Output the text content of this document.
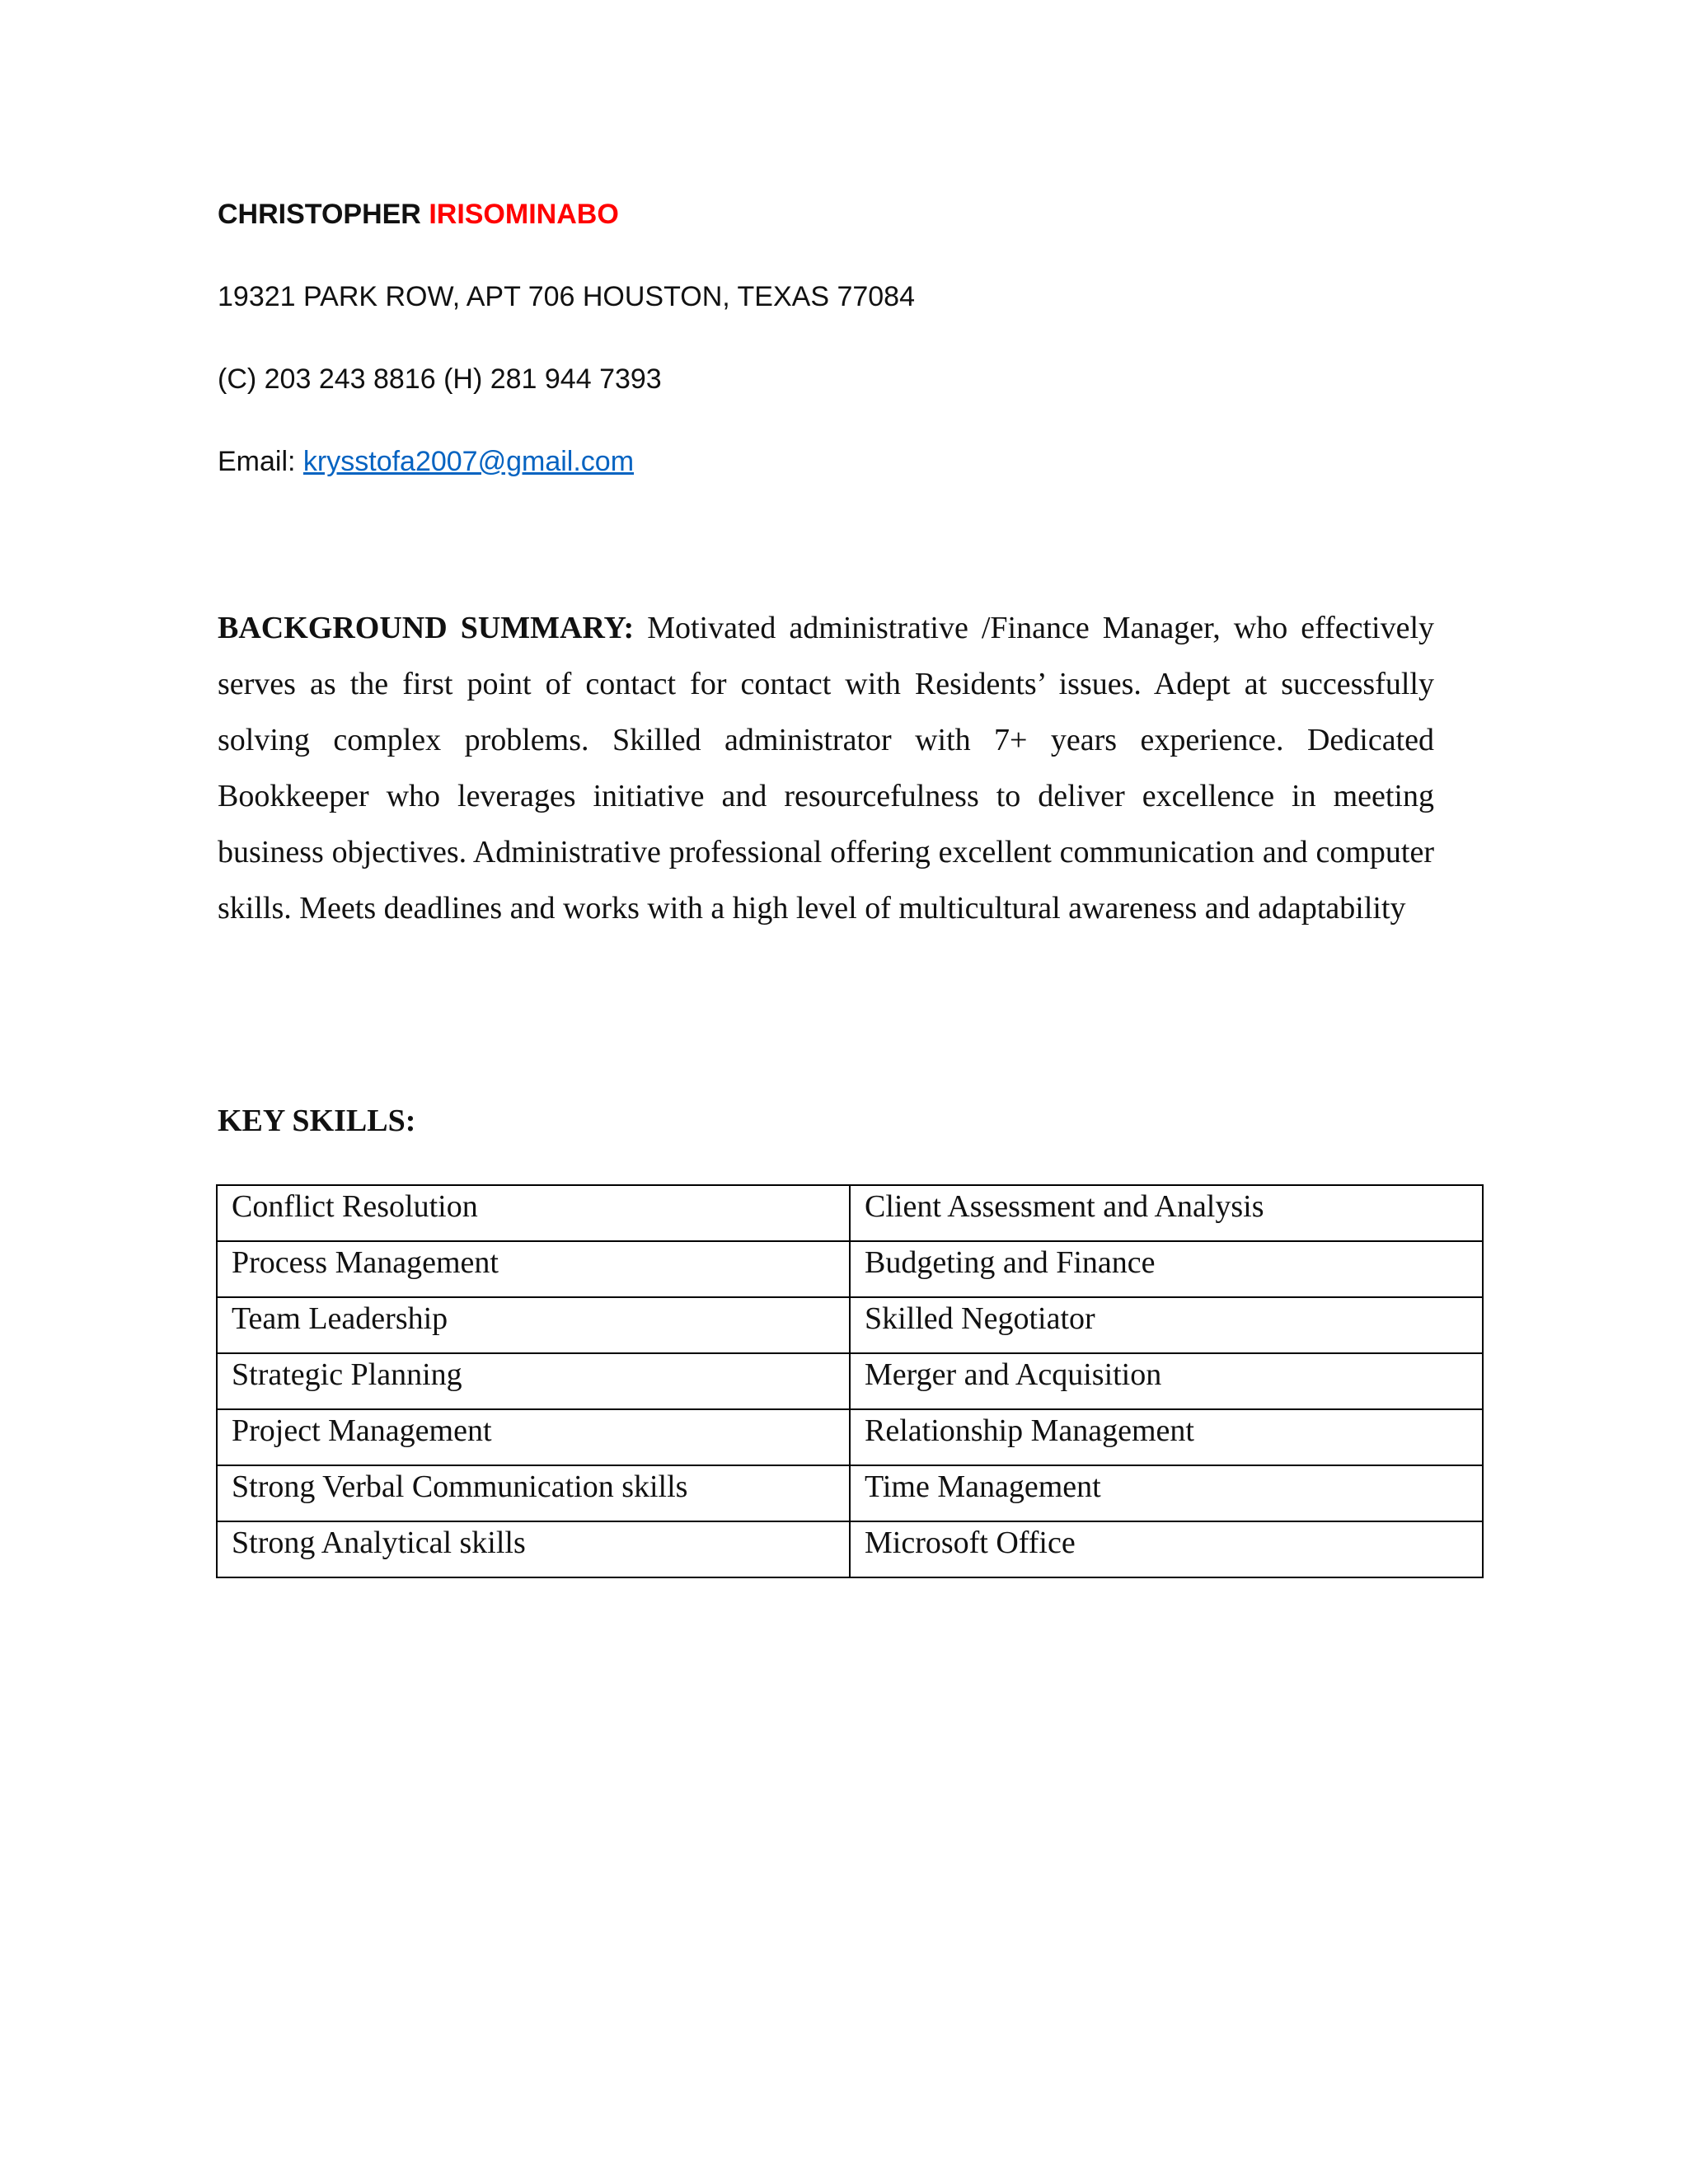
CHRISTOPHER IRISOMINABO
19321 PARK ROW, APT 706 HOUSTON, TEXAS 77084
(C) 203 243 8816 (H) 281 944 7393
Email: krysstofa2007@gmail.com

BACKGROUND SUMMARY: Motivated administrative /Finance Manager, who effectively serves as the first point of contact for contact with Residents’ issues. Adept at successfully solving complex problems. Skilled administrator with 7+ years experience. Dedicated Bookkeeper who leverages initiative and resourcefulness to deliver excellence in meeting business objectives. Administrative professional offering excellent communication and computer skills. Meets deadlines and works with a high level of multicultural awareness and adaptability

KEY SKILLS:
Conflict Resolution	Client Assessment and Analysis
Process Management	Budgeting and Finance
Team Leadership	Skilled Negotiator
Strategic Planning	Merger and Acquisition
Project Management	Relationship Management
Strong Verbal Communication skills	Time Management
Strong Analytical skills	Microsoft Office
